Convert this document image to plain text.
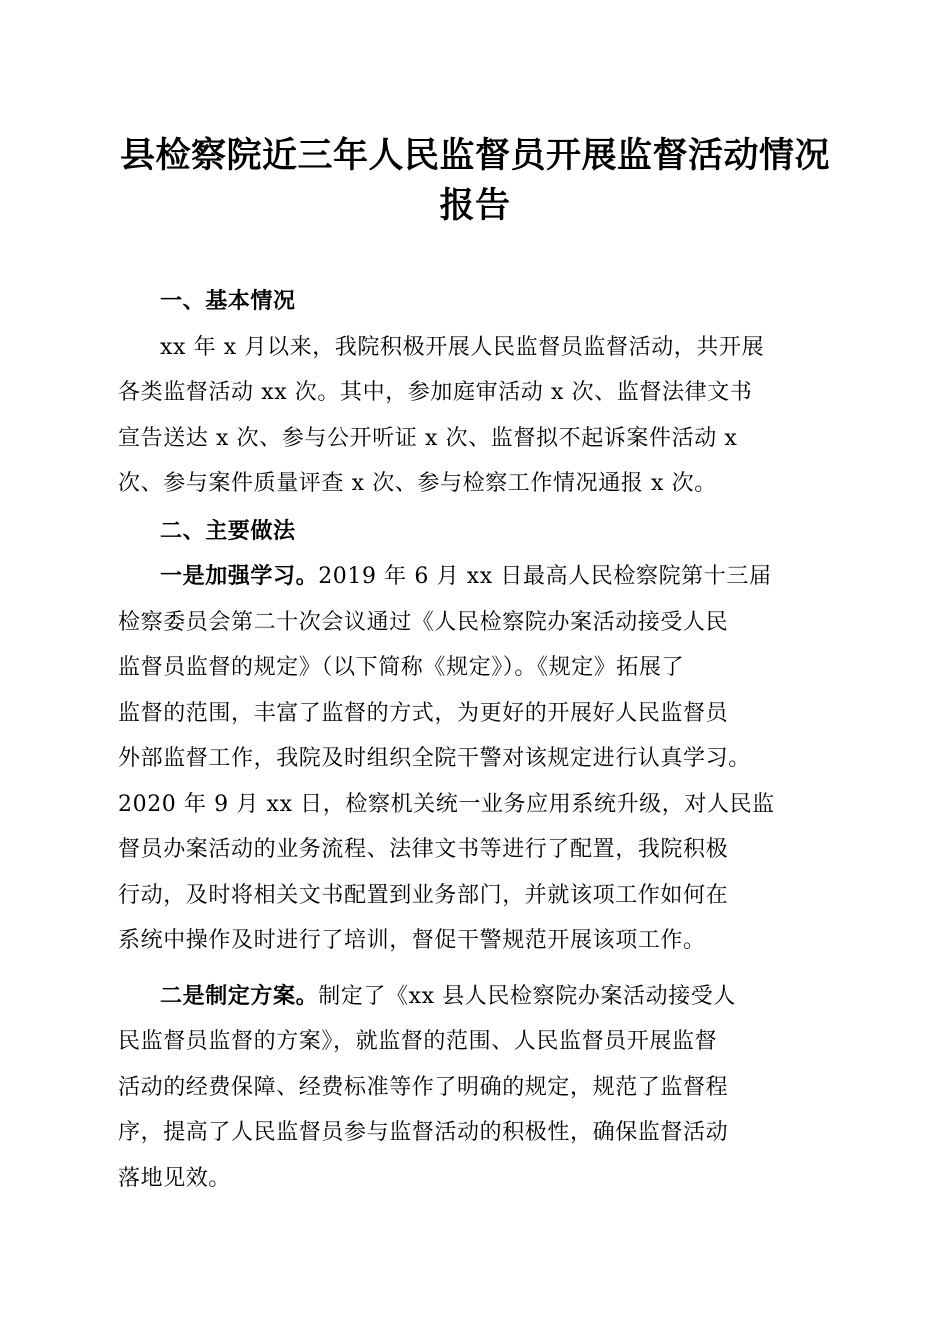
县检察院近三年人民监督员开展监督活动情况
报告
一、基本情况
xx 年 x 月以来，我院积极开展人民监督员监督活动，共开展
各类监督活动 xx 次。其中，参加庭审活动 x 次、监督法律文书
宣告送达 x 次、参与公开听证 x 次、监督拟不起诉案件活动 x
次、参与案件质量评查 x 次、参与检察工作情况通报 x 次。
二、主要做法
一是加强学习。2019 年 6 月 xx 日最高人民检察院第十三届
检察委员会第二十次会议通过《人民检察院办案活动接受人民
监督员监督的规定》（以下简称《规定》）。《规定》拓展了
监督的范围，丰富了监督的方式，为更好的开展好人民监督员
外部监督工作，我院及时组织全院干警对该规定进行认真学习。
2020 年 9 月 xx 日，检察机关统一业务应用系统升级，对人民监
督员办案活动的业务流程、法律文书等进行了配置，我院积极
行动，及时将相关文书配置到业务部门，并就该项工作如何在
系统中操作及时进行了培训，督促干警规范开展该项工作。
二是制定方案。制定了《xx 县人民检察院办案活动接受人
民监督员监督的方案》，就监督的范围、人民监督员开展监督
活动的经费保障、经费标准等作了明确的规定，规范了监督程
序，提高了人民监督员参与监督活动的积极性，确保监督活动
落地见效。
